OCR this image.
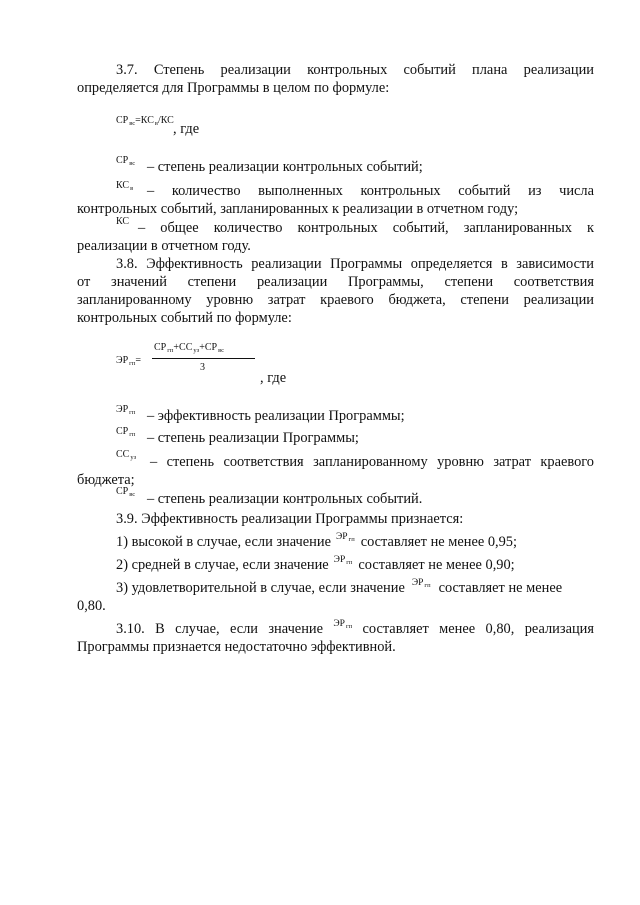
3.7. Степень реализации контрольных событий плана реализации
определяется для Программы в целом по формуле:
$СР_{вс}=КС_в/КС$
, где
$СР_{вс}$ – степень реализации контрольных событий;
$КС_в$ – количество выполненных контрольных событий из числа
контрольных событий, запланированных к реализации в отчетном году;
КС – общее количество контрольных событий, запланированных к
реализации в отчетном году.
3.8. Эффективность реализации Программы определяется в зависимости
от значений степени реализации Программы, степени соответствия
запланированному уровню затрат краевого бюджета, степени реализации
контрольных событий по формуле:
$СР_{гп}+СС_{уз}+СР_{вс}$
$ЭР_{гп}=$
3
, где
$ЭР_{гп}$ – эффективность реализации Программы;
$СР_{гп}$ – степень реализации Программы;
$СС_{уз}$ – степень соответствия запланированному уровню затрат краевого
бюджета;
$СР_{вс}$ – степень реализации контрольных событий.
3.9. Эффективность реализации Программы признается:
1) высокой в случае, если значение $^{ЭР_{гп}}$ составляет не менее 0,95;
2) средней в случае, если значение $^{ЭР_{гп}}$ составляет не менее 0,90;
3) удовлетворительной в случае, если значение $^{ЭР_{гп}}$ составляет не менее
0,80.
3.10. В случае, если значение $^{ЭР_{гп}}$ составляет менее 0,80, реализация
Программы признается недостаточно эффективной.
